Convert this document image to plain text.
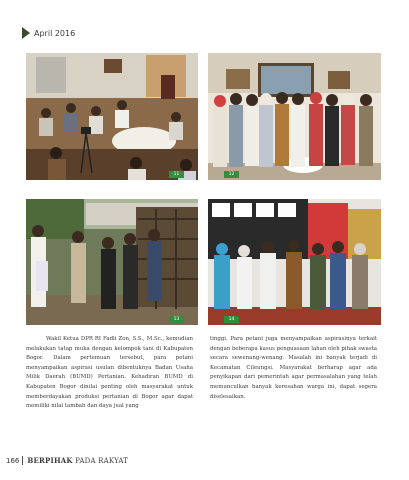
April 2016
11	12
13	14

Wakil Ketua DPR RI Fadli Zon, S.S., M.Sc., kemudian melakukan tatap muka dengan kelompok tani di Kabupaten Bogor. Dalam pertemuan tersebut, para petani menyampaikan aspirasi usulan dibentuknya Badan Usaha Milik Daerah (BUMD) Pertanian. Kehadiran BUMD di Kabupaten Bogor dinilai penting oleh masyarakat untuk memberdayakan produksi pertanian di Bogor agar dapat memiliki nilai tambah dan daya jual yang

tinggi. Para petani juga menyampaikan aspirasinya terkait dengan beberapa kasus penguasaan lahan oleh pihak swasta secara sewenang-wenang. Masalah ini banyak terjadi di Kecamatan Cileungsi. Masyarakat berharap agar ada penyikapan dari pemerintah agar permasalahan yang telah memunculkan banyak keresahan warga ini, dapat segera diselesaikan.

166 BERPIHAK PADA RAKYAT
